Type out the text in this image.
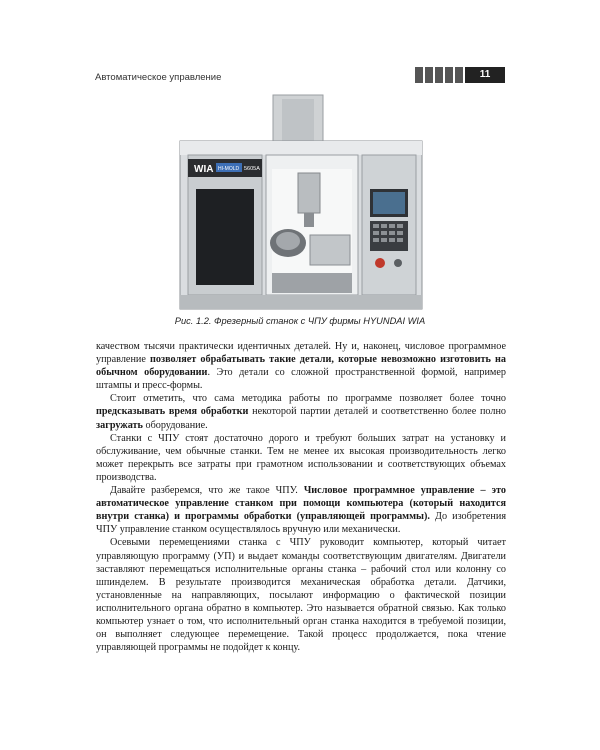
Автоматическое управление	11
WIA HI-MOLD 5605A
Рис. 1.2. Фрезерный станок с ЧПУ фирмы HYUNDAI WIA

качеством тысячи практически идентичных деталей. Ну и, наконец, числовое программное управление позволяет обрабатывать такие детали, которые невозможно изготовить на обычном оборудовании. Это детали со сложной пространственной формой, например штампы и пресс-формы.

Стоит отметить, что сама методика работы по программе позволяет более точно предсказывать время обработки некоторой партии деталей и соответственно более полно загружать оборудование.

Станки с ЧПУ стоят достаточно дорого и требуют больших затрат на установку и обслуживание, чем обычные станки. Тем не менее их высокая производительность легко может перекрыть все затраты при грамотном использовании и соответствующих объемах производства.

Давайте разберемся, что же такое ЧПУ. Числовое программное управление – это автоматическое управление станком при помощи компьютера (который находится внутри станка) и программы обработки (управляющей программы). До изобретения ЧПУ управление станком осуществлялось вручную или механически.

Осевыми перемещениями станка с ЧПУ руководит компьютер, который читает управляющую программу (УП) и выдает команды соответствующим двигателям. Двигатели заставляют перемещаться исполнительные органы станка – рабочий стол или колонну со шпинделем. В результате производится механическая обработка детали. Датчики, установленные на направляющих, посылают информацию о фактической позиции исполнительного органа обратно в компьютер. Это называется обратной связью. Как только компьютер узнает о том, что исполнительный орган станка находится в требуемой позиции, он выполняет следующее перемещение. Такой процесс продолжается, пока чтение управляющей программы не подойдет к концу.
